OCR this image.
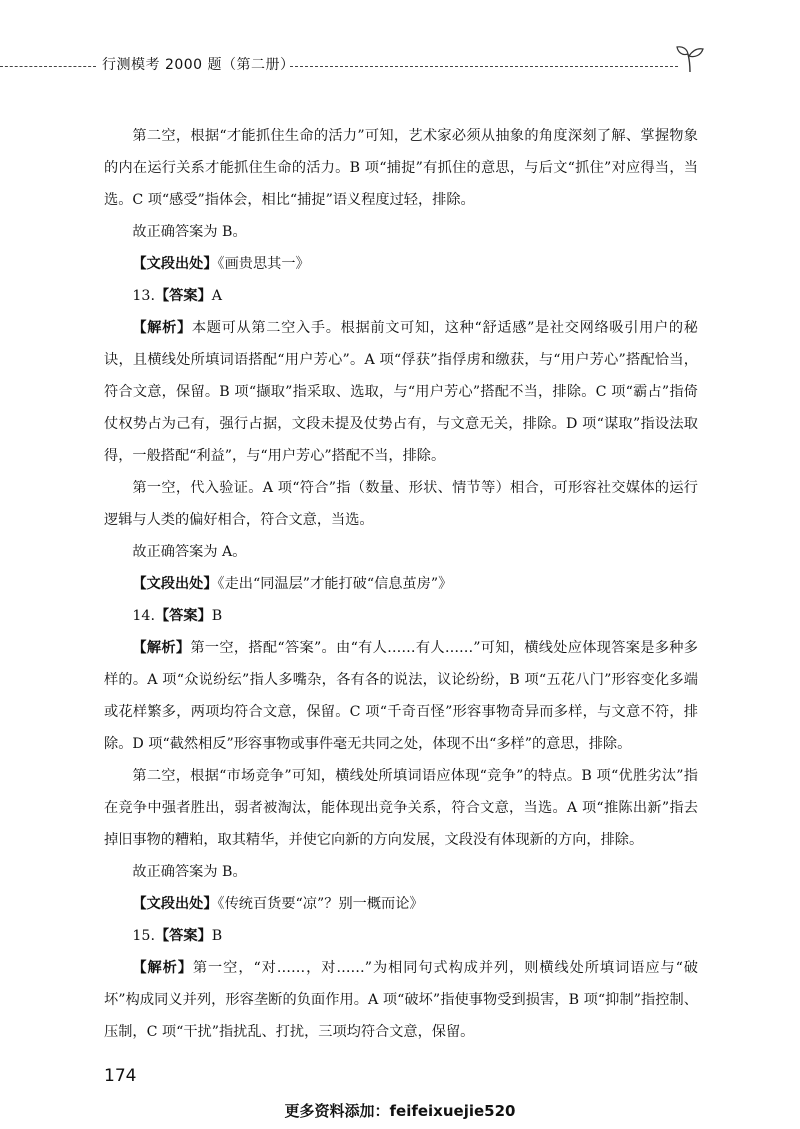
行测模考 2000 题（第二册）

第二空，根据“才能抓住生命的活力”可知，艺术家必须从抽象的角度深刻了解、掌握物象的内在运行关系才能抓住生命的活力。B 项“捕捉”有抓住的意思，与后文“抓住”对应得当，当选。C 项“感受”指体会，相比“捕捉”语义程度过轻，排除。

故正确答案为 B。

【文段出处】《画贵思其一》

13.【答案】A

【解析】本题可从第二空入手。根据前文可知，这种“舒适感”是社交网络吸引用户的秘诀，且横线处所填词语搭配“用户芳心”。A 项“俘获”指俘虏和缴获，与“用户芳心”搭配恰当，符合文意，保留。B 项“撷取”指采取、选取，与“用户芳心”搭配不当，排除。C 项“霸占”指倚仗权势占为己有，强行占据，文段未提及仗势占有，与文意无关，排除。D 项“谋取”指设法取得，一般搭配“利益”，与“用户芳心”搭配不当，排除。

第一空，代入验证。A 项“符合”指（数量、形状、情节等）相合，可形容社交媒体的运行逻辑与人类的偏好相合，符合文意，当选。

故正确答案为 A。

【文段出处】《走出“同温层”才能打破“信息茧房”》

14.【答案】B

【解析】第一空，搭配“答案”。由“有人……有人……”可知，横线处应体现答案是多种多样的。A 项“众说纷纭”指人多嘴杂，各有各的说法，议论纷纷，B 项“五花八门”形容变化多端或花样繁多，两项均符合文意，保留。C 项“千奇百怪”形容事物奇异而多样，与文意不符，排除。D 项“截然相反”形容事物或事件毫无共同之处，体现不出“多样”的意思，排除。

第二空，根据“市场竞争”可知，横线处所填词语应体现“竞争”的特点。B 项“优胜劣汰”指在竞争中强者胜出，弱者被淘汰，能体现出竞争关系，符合文意，当选。A 项“推陈出新”指去掉旧事物的糟粕，取其精华，并使它向新的方向发展，文段没有体现新的方向，排除。

故正确答案为 B。

【文段出处】《传统百货要“凉”？别一概而论》

15.【答案】B

【解析】第一空，“对……，对……”为相同句式构成并列，则横线处所填词语应与“破坏”构成同义并列，形容垄断的负面作用。A 项“破坏”指使事物受到损害，B 项“抑制”指控制、压制，C 项“干扰”指扰乱、打扰，三项均符合文意，保留。

174
更多资料添加：feifeixuejie520
